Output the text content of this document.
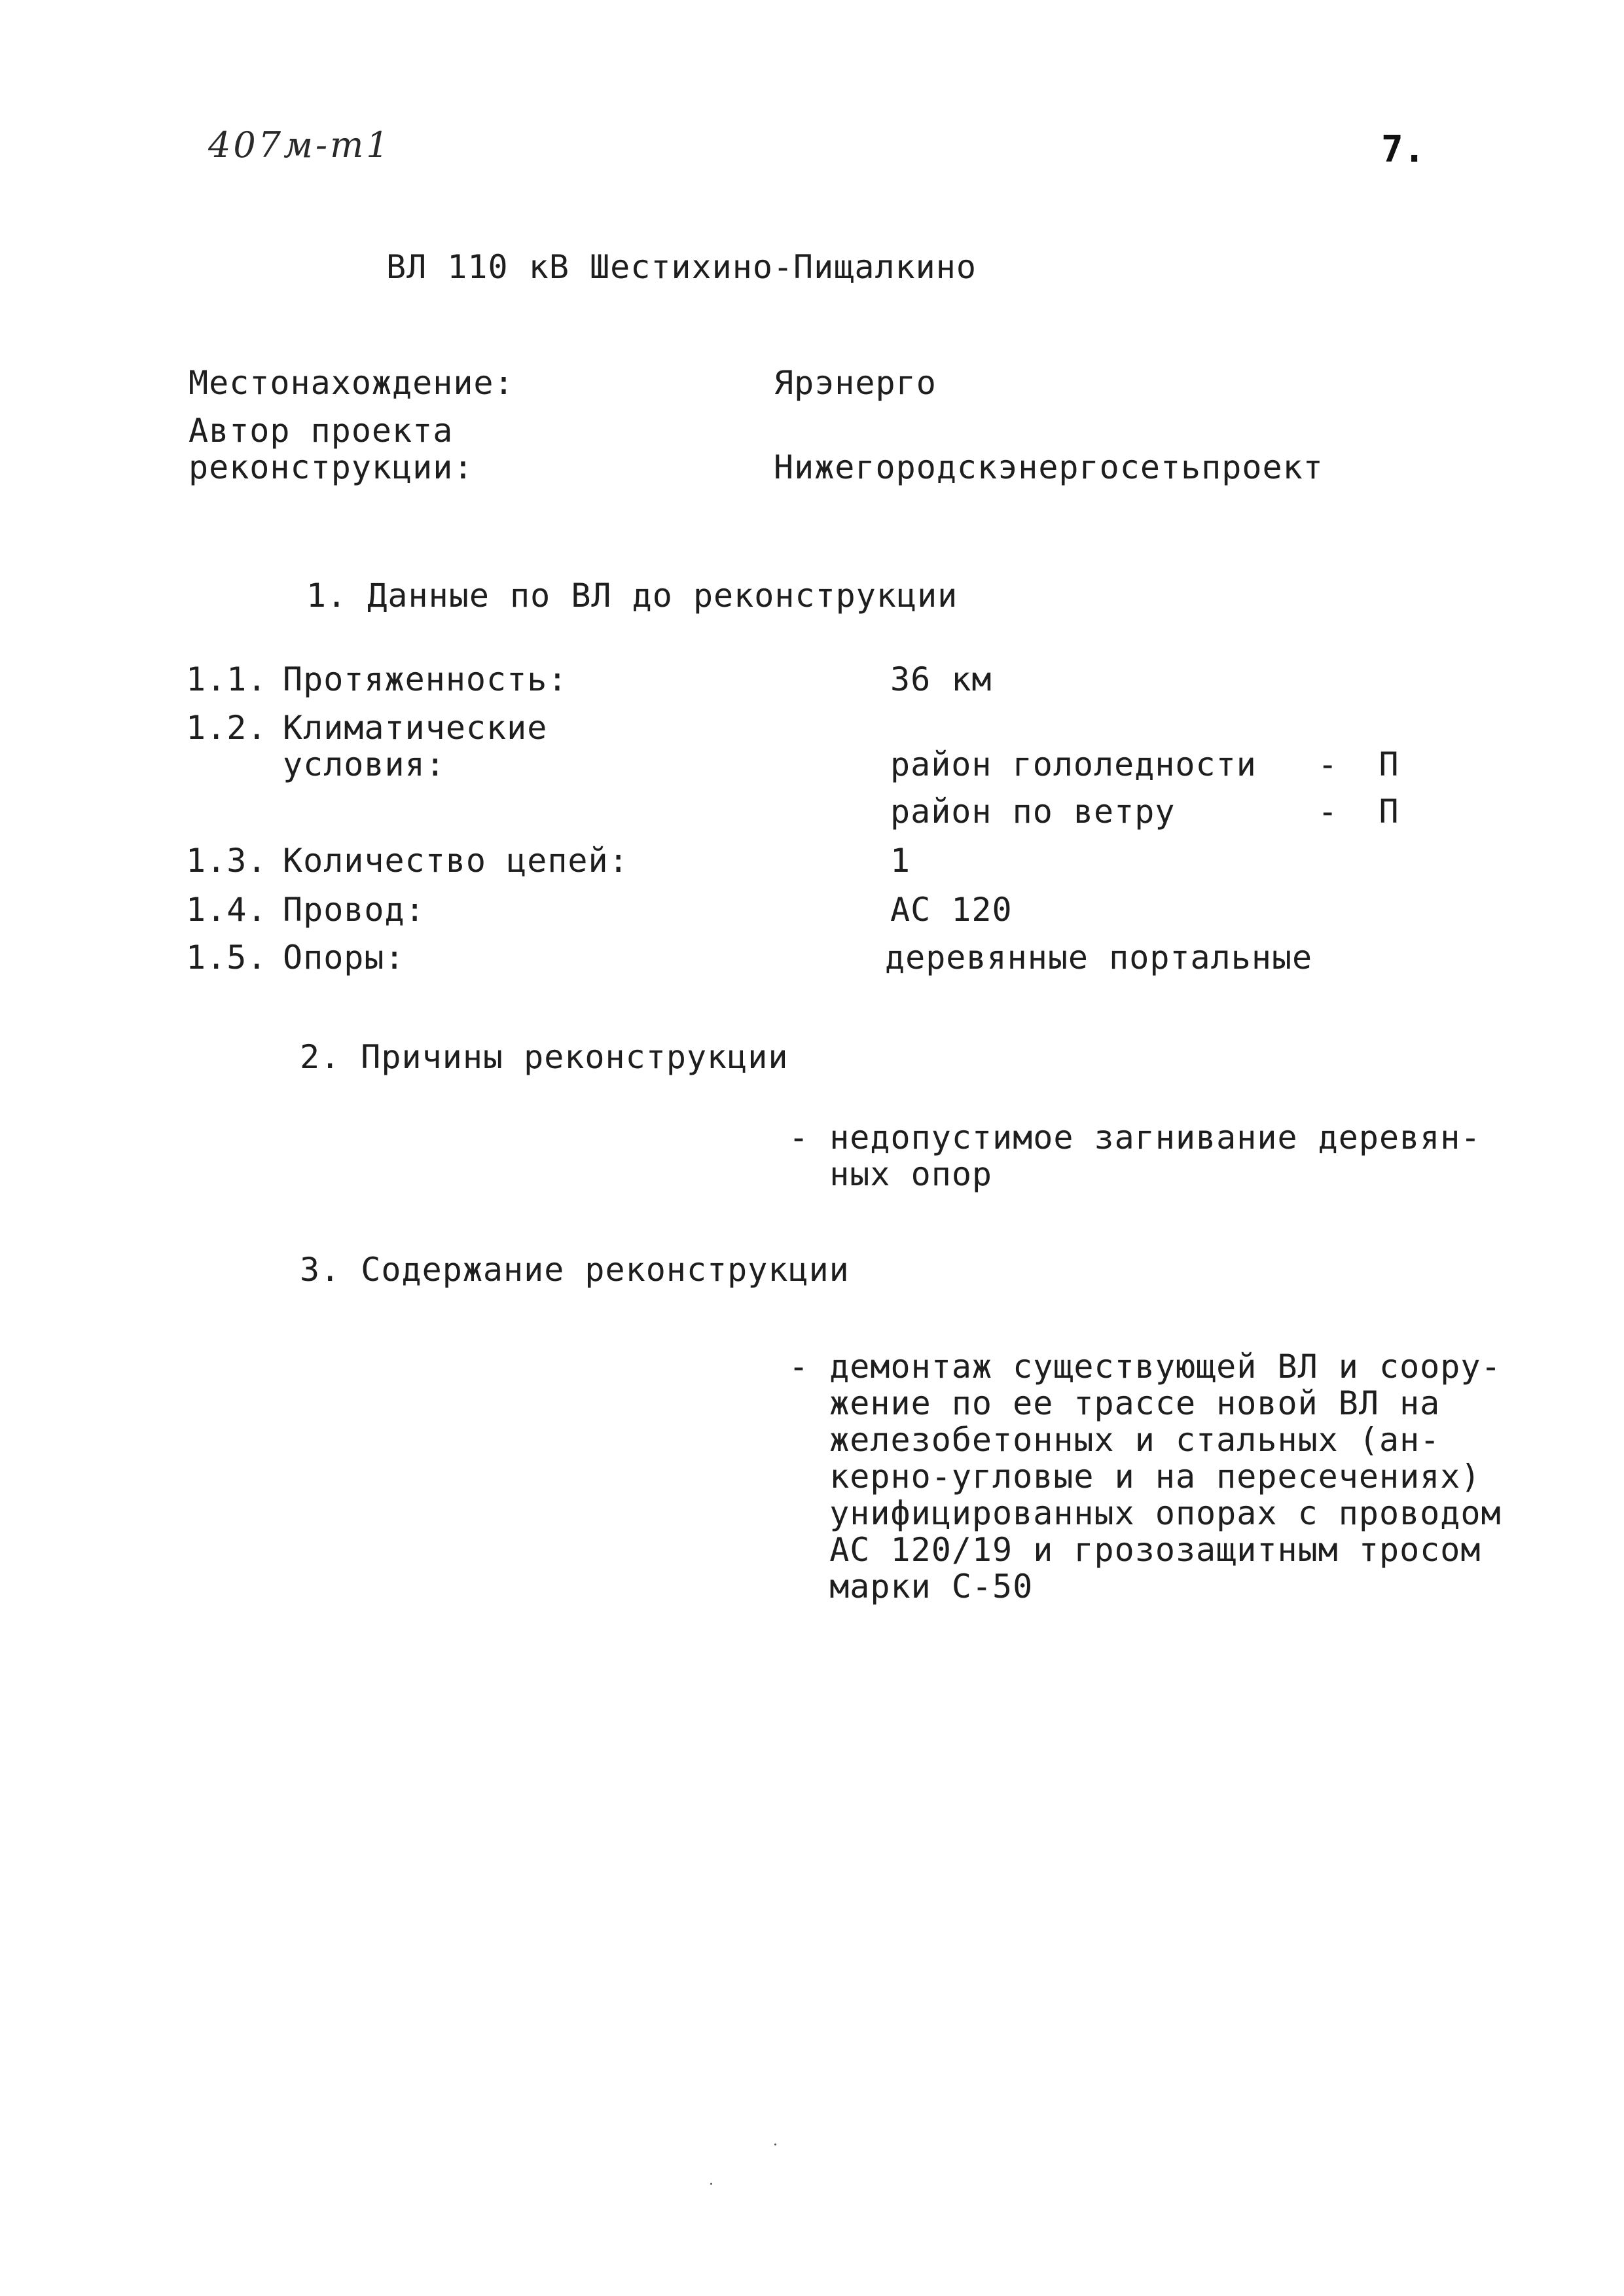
407м-т1	7.
ВЛ 110 кВ Шестихино-Пищалкино
Местонахождение:	Ярэнерго
Автор проекта
реконструкции:	Нижегородскэнергосетьпроект
1. Данные по ВЛ до реконструкции
1.1. Протяженность:	36 км
1.2. Климатические
условия:	район гололедности   -  П
район по ветру       -  П
1.3. Количество цепей:	1
1.4. Провод:	АС 120
1.5. Опоры:	деревянные портальные
2. Причины реконструкции
- недопустимое загнивание деревян-
ных опор
3. Содержание реконструкции
- демонтаж существующей ВЛ и соору-
жение по ее трассе новой ВЛ на
железобетонных и стальных (ан-
керно-угловые и на пересечениях)
унифицированных опорах с проводом
АС 120/19 и грозозащитным тросом
марки С-50
